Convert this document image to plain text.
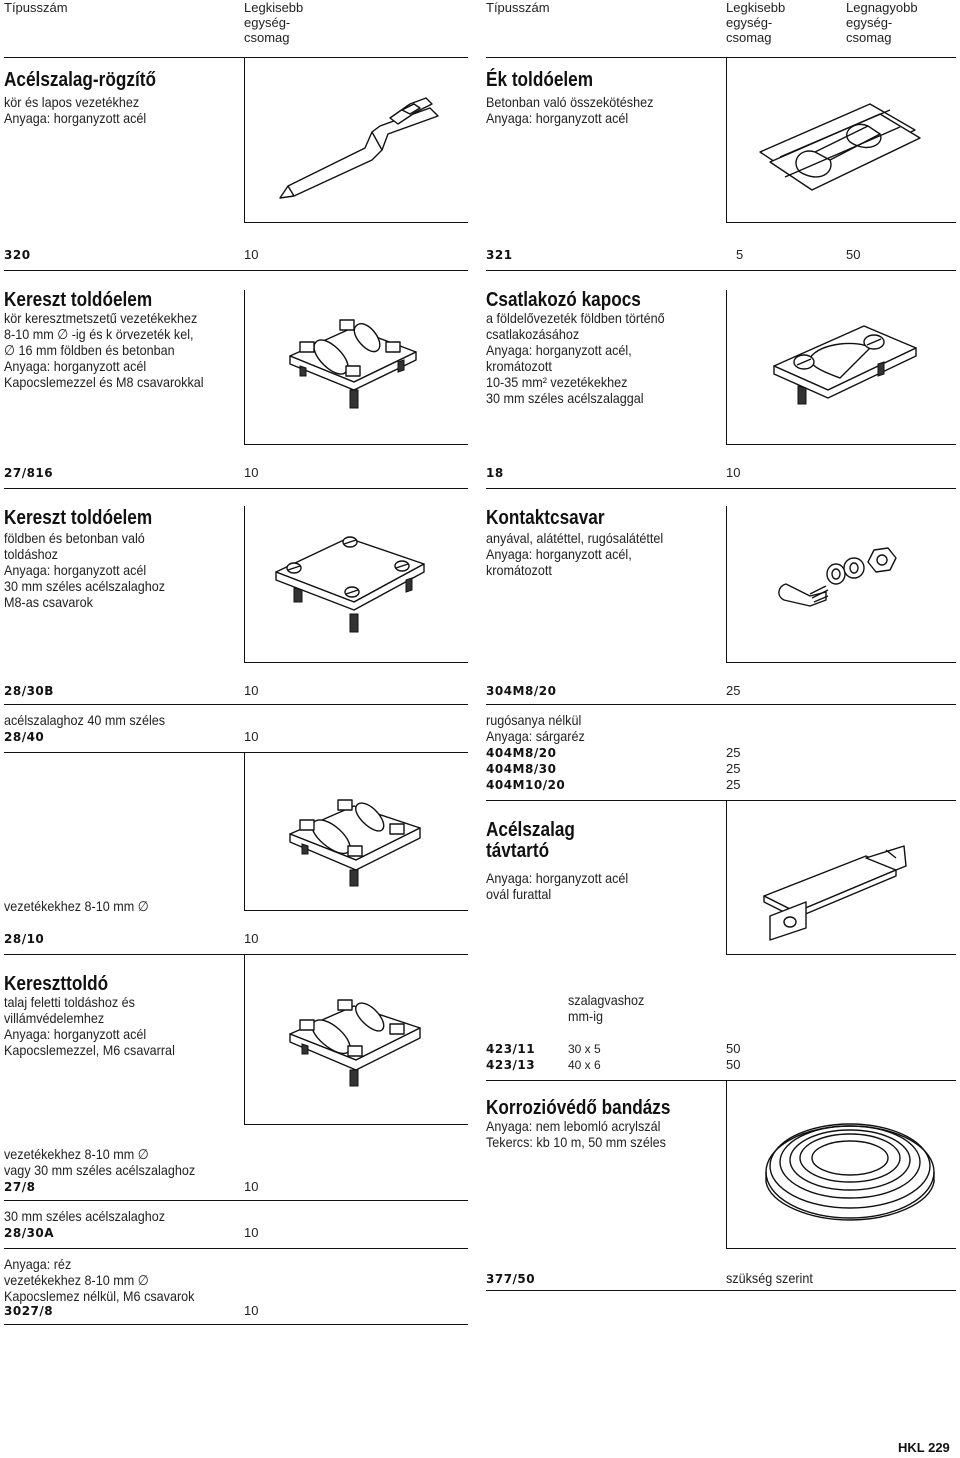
Típusszám	Legkisebb
egység-
csomag
Típusszám	Legkisebb
egység-
csomag
Legnagyobb
egység-
csomag
Acélszalag-rögzítő
kör és lapos vezetékhez
Anyaga: horganyzott acél
320	10
Ék toldóelem
Betonban való összekötéshez
Anyaga: horganyzott acél
321	5	50
Kereszt toldóelem
kör keresztmetszetű vezetékekhez
8-10 mm ∅ -ig és k örvezeték kel,
∅ 16 mm földben és betonban
Anyaga: horganyzott acél
Kapocslemezzel és M8 csavarokkal
27/816	10
Csatlakozó kapocs
a földelővezeték földben történő
csatlakozásához
Anyaga: horganyzott acél,
kromátozott
10-35 mm² vezetékekhez
30 mm széles acélszalaggal
18	10
Kereszt toldóelem
földben és betonban való
toldáshoz
Anyaga: horganyzott acél
30 mm széles acélszalaghoz
M8-as csavarok
28/30B	10
acélszalaghoz 40 mm széles
28/40	10
vezetékekhez 8-10 mm ∅
28/10	10
Kontaktcsavar
anyával, alátéttel, rugósalátéttel
Anyaga: horganyzott acél,
kromátozott
304M8/20	25
rugósanya nélkül
Anyaga: sárgaréz
404M8/20	25
404M8/30	25
404M10/20	25
Acélszalag
távtartó
Anyaga: horganyzott acél
ovál furattal
szalagvashoz
mm-ig
423/11	30 x 5	50
423/13	40 x 6	50
Kereszttoldó
talaj feletti toldáshoz és
villámvédelemhez
Anyaga: horganyzott acél
Kapocslemezzel, M6 csavarral
vezetékekhez 8-10 mm ∅
vagy 30 mm széles acélszalaghoz
27/8	10
30 mm széles acélszalaghoz
28/30A	10
Anyaga: réz
vezetékekhez 8-10 mm ∅
Kapocslemez nélkül, M6 csavarok
3027/8	10
Korrozióvédő bandázs
Anyaga: nem lebomló acrylszál
Tekercs: kb 10 m, 50 mm széles
377/50	szükség szerint
HKL 229
